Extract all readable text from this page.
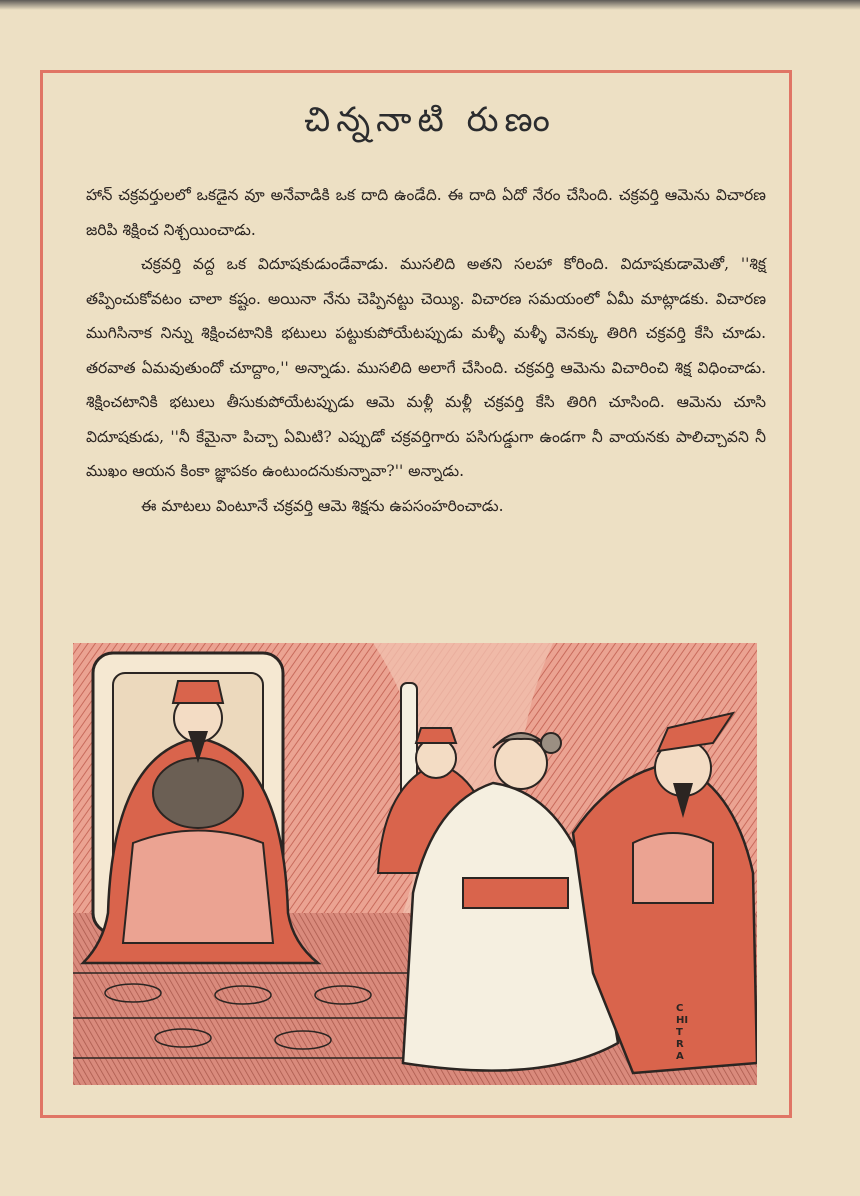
చిన్ననాటి రుణం

హాన్ చక్రవర్తులలో ఒకడైన వూ అనేవాడికి ఒక దాది ఉండేది. ఈ దాది ఏదో నేరం చేసింది. చక్రవర్తి ఆమెను విచారణ జరిపి శిక్షించ నిశ్చయించాడు.

చక్రవర్తి వద్ద ఒక విదూషకుడుండేవాడు. ముసలిది అతని సలహా కోరింది. విదూషకుడామెతో, ''శిక్ష తప్పించుకోవటం చాలా కష్టం. అయినా నేను చెప్పినట్టు చెయ్యి. విచారణ సమయంలో ఏమీ మాట్లాడకు. విచారణ ముగిసినాక నిన్ను శిక్షించటానికి భటులు పట్టుకుపోయేటప్పుడు మళ్ళీ మళ్ళీ వెనక్కు తిరిగి చక్రవర్తి కేసి చూడు. తరవాత ఏమవుతుందో చూద్దాం,'' అన్నాడు. ముసలిది అలాగే చేసింది. చక్రవర్తి ఆమెను విచారించి శిక్ష విధించాడు. శిక్షించటానికి భటులు తీసుకుపోయేటప్పుడు ఆమె మళ్లీ మళ్లీ చక్రవర్తి కేసి తిరిగి చూసింది. ఆమెను చూసి విదూషకుడు, ''నీ కేమైనా పిచ్చా ఏమిటి? ఎప్పుడో చక్రవర్తిగారు పసిగుడ్డుగా ఉండగా నీ వాయనకు పాలిచ్చావని నీ ముఖం ఆయన కింకా జ్ఞాపకం ఉంటుందనుకున్నావా?'' అన్నాడు.

ఈ మాటలు వింటూనే చక్రవర్తి ఆమె శిక్షను ఉపసంహరించాడు.

CHITRA
